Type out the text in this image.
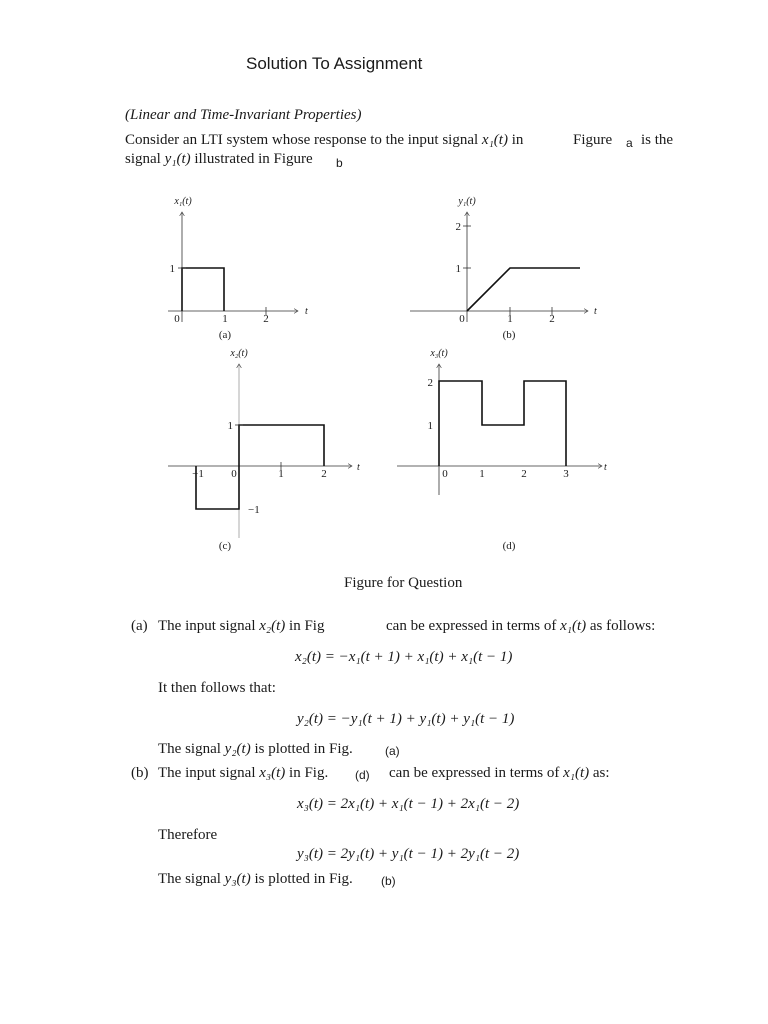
Solution To Assignment
(Linear and Time-Invariant Properties)
Consider an LTI system whose response to the input signal x₁(t) in	Figure a is the
signal y₁(t) illustrated in Figure b
x₁(t)
t
1
0	1	2
(a)
y₁(t)
t
2
1
0	1	2
(b)
x₂(t)
t
1
−1
−1 0	1	2
(c)
x₃(t)
t
2
1
0	1	2	3
(d)
Figure for Question
(a) The input signal x₂(t) in Fig	can be expressed in terms of x₁(t) as follows:
x₂(t) = −x₁(t + 1) + x₁(t) + x₁(t − 1)
It then follows that:
y₂(t) = −y₁(t + 1) + y₁(t) + y₁(t − 1)
The signal y₂(t) is plotted in Fig.	(a)
(b) The input signal x₃(t) in Fig. (d) can be expressed in terms of x₁(t) as:
x₃(t) = 2x₁(t) + x₁(t − 1) + 2x₁(t − 2)
Therefore
y₃(t) = 2y₁(t) + y₁(t − 1) + 2y₁(t − 2)
The signal y₃(t) is plotted in Fig. (b)
